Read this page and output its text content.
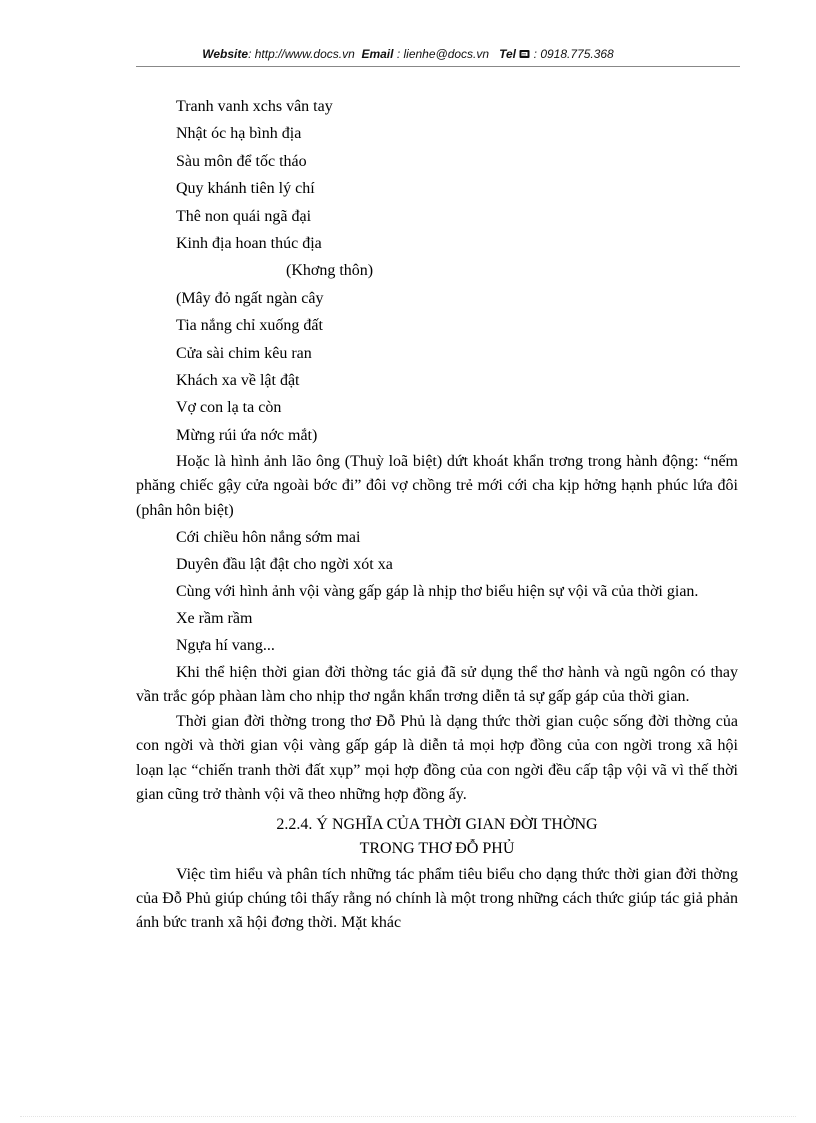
Website: http://www.docs.vn Email : lienhe@docs.vn Tel : 0918.775.368
Tranh vanh xchs vân tay
Nhật óc hạ bình địa
Sàu môn để tốc tháo
Quy khánh tiên lý chí
Thê non quái ngã đại
Kinh địa hoan thúc địa
(Khơng thôn)
(Mây đỏ ngất ngàn cây
Tia nắng chỉ xuống đất
Cửa sài chim kêu ran
Khách xa về lật đật
Vợ con lạ ta còn
Mừng rúi ứa nớc mắt)
Hoặc là hình ảnh lão ông (Thuỳ loã biệt) dứt khoát khẩn trơng trong hành động: “nếm phăng chiếc gậy cửa ngoài bớc đi” đôi vợ chồng trẻ mới cới cha kịp hởng hạnh phúc lứa đôi (phân hôn biệt)
Cới chiều hôn nắng sớm mai
Duyên đầu lật đật cho ngời xót xa
Cùng với hình ảnh vội vàng gấp gáp là nhịp thơ biểu hiện sự vội vã của thời gian.
Xe rầm rầm
Ngựa hí vang...
Khi thể hiện thời gian đời thờng tác giả đã sử dụng thể thơ hành và ngũ ngôn có thay vần trắc góp phàan làm cho nhịp thơ ngắn khẩn trơng diễn tả sự gấp gáp của thời gian.
Thời gian đời thờng trong thơ Đỗ Phủ là dạng thức thời gian cuộc sống đời thờng của con ngời và thời gian vội vàng gấp gáp là diễn tả mọi hợp đồng của con ngời trong xã hội loạn lạc “chiến tranh thời đất xụp” mọi hợp đồng của con ngời đều cấp tập vội vã vì thế thời gian cũng trở thành vội vã theo những hợp đồng ấy.
2.2.4. Ý NGHĨA CỦA THỜI GIAN ĐỜI THỜNG
TRONG THƠ ĐỖ PHỦ
Việc tìm hiểu và phân tích những tác phẩm tiêu biểu cho dạng thức thời gian đời thờng của Đỗ Phủ giúp chúng tôi thấy rằng nó chính là một trong những cách thức giúp tác giả phản ánh bức tranh xã hội đơng thời. Mặt khác
